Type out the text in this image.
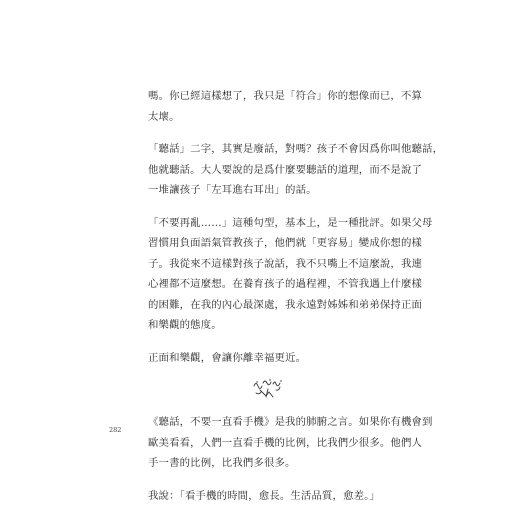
嗎。你已經這樣想了，我只是「符合」你的想像而已，不算
太壞。

「聽話」二字，其實是廢話，對嗎？孩子不會因爲你叫他聽話，
他就聽話。大人要說的是爲什麼要聽話的道理，而不是說了
一堆讓孩子「左耳進右耳出」的話。

「不要再亂……」這種句型，基本上，是一種批評。如果父母
習慣用負面語氣管教孩子，他們就「更容易」變成你想的樣
子。我從來不這樣對孩子說話，我不只嘴上不這麼說，我連
心裡都不這麼想。在養育孩子的過程裡，不管我遇上什麼樣
的困難，在我的內心最深處，我永遠對姊姊和弟弟保持正面
和樂觀的態度。

正面和樂觀，會讓你離幸福更近。

《聽話，不要一直看手機》是我的肺腑之言。如果你有機會到
歐美看看，人們一直看手機的比例，比我們少很多。他們人
手一書的比例，比我們多很多。

我說：「看手機的時間，愈長。生活品質，愈差。」

282
